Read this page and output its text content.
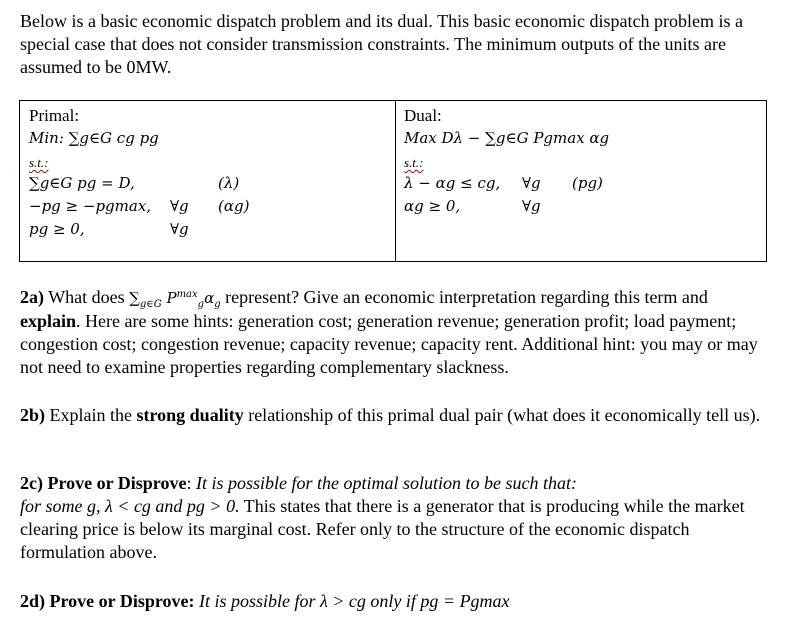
Below is a basic economic dispatch problem and its dual. This basic economic dispatch problem is a special case that does not consider transmission constraints. The minimum outputs of the units are assumed to be 0MW.
Primal:
Min: ∑g∈G cg pg
s.t.:
∑g∈G pg = D,	(λ)
−pg ≥ −pgmax, ∀g (αg)
pg ≥ 0,	∀g
Dual:
Max Dλ − ∑g∈G Pgmax αg
s.t.:
λ − αg ≤ cg, ∀g (pg)
αg ≥ 0,	∀g
2a) What does $\sum_{g\in G}$ $P^{max}_g\alpha_g$ represent? Give an economic interpretation regarding this term and explain. Here are some hints: generation cost; generation revenue; generation profit; load payment; congestion cost; congestion revenue; capacity revenue; capacity rent. Additional hint: you may or may not need to examine properties regarding complementary slackness.
2b) Explain the strong duality relationship of this primal dual pair (what does it economically tell us).
2c) Prove or Disprove: It is possible for the optimal solution to be such that:
for some g, λ < cg and pg > 0. This states that there is a generator that is producing while the market clearing price is below its marginal cost. Refer only to the structure of the economic dispatch formulation above.
2d) Prove or Disprove: It is possible for λ > cg only if pg = Pgmax
